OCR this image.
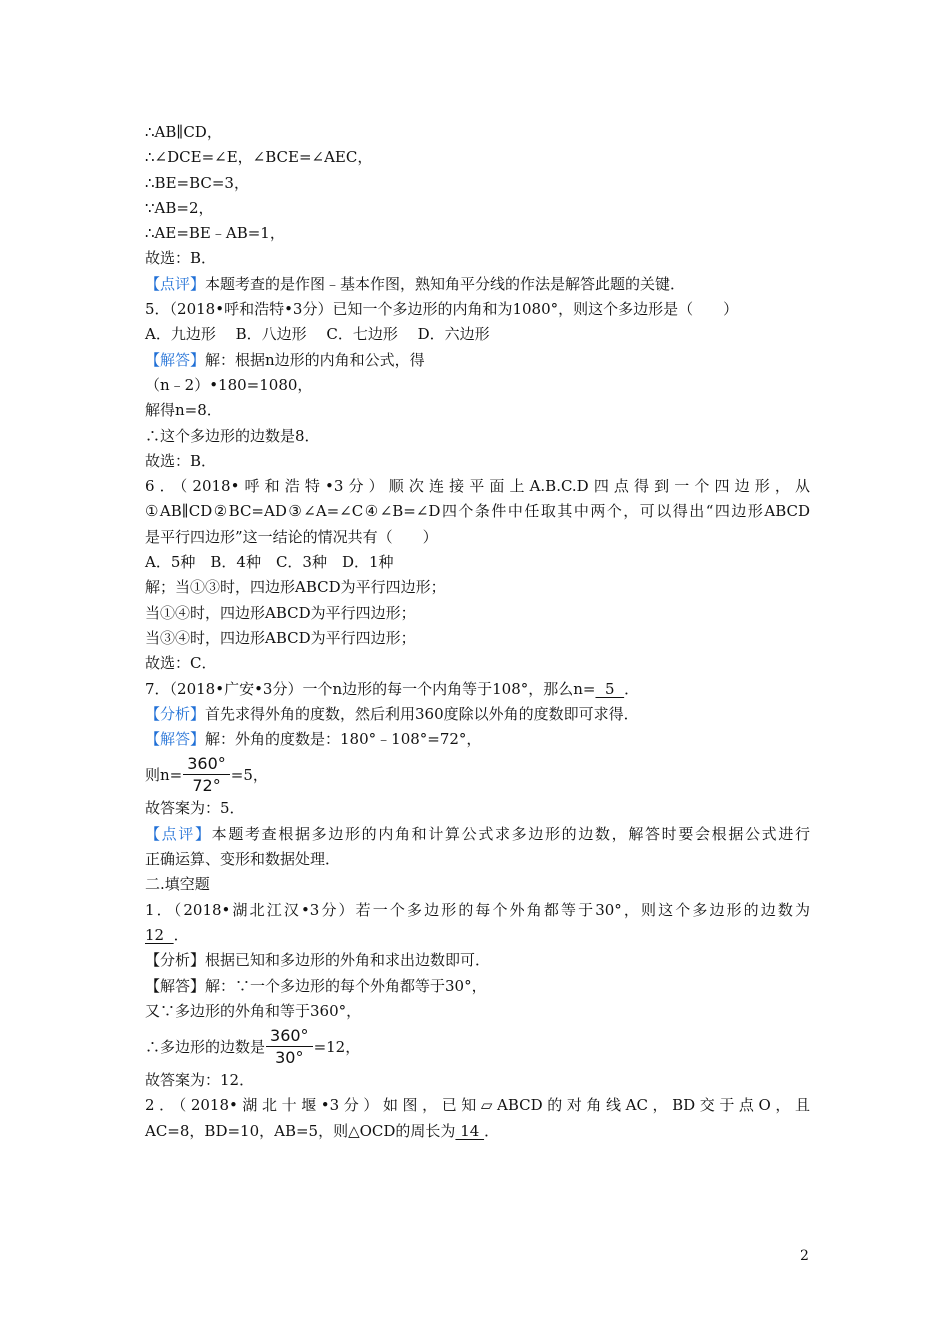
∴AB∥CD，
∴∠DCE=∠E，∠BCE=∠AEC，
∴BE=BC=3，
∵AB=2，
∴AE=BE﹣AB=1，
故选：B．
【点评】本题考查的是作图﹣基本作图，熟知角平分线的作法是解答此题的关键．
5．（2018•呼和浩特•3分）已知一个多边形的内角和为1080°，则这个多边形是（　　）
A．九边形　 B．八边形　 C．七边形　 D．六边形
【解答】解：根据n边形的内角和公式，得
（n﹣2）•180=1080，
解得n=8．
∴这个多边形的边数是8．
故选：B．
6．（2018•呼和浩特•3分）顺次连接平面上A.B.C.D四点得到一个四边形，从
①AB∥CD②BC=AD③∠A=∠C④∠B=∠D四个条件中任取其中两个，可以得出“四边形ABCD
是平行四边形”这一结论的情况共有（　　）
A．5种　B．4种　C．3种　D．1种
解；当①③时，四边形ABCD为平行四边形；
当①④时，四边形ABCD为平行四边形；
当③④时，四边形ABCD为平行四边形；
故选：C．
7．（2018•广安•3分）一个n边形的每一个内角等于108°，那么n=  5  ．
【分析】首先求得外角的度数，然后利用360度除以外角的度数即可求得．
【解答】解：外角的度数是：180°﹣108°=72°，
则$n= \frac{360^\circ}{72^\circ} =5$，
故答案为：5．
【点评】本题考查根据多边形的内角和计算公式求多边形的边数，解答时要会根据公式进行
正确运算、变形和数据处理．
二.填空题
1．（2018•湖北江汉•3分）若一个多边形的每个外角都等于30°，则这个多边形的边数为
12  ．
【分析】根据已知和多边形的外角和求出边数即可．
【解答】解：∵一个多边形的每个外角都等于30°，
又∵多边形的外角和等于360°，
∴多边形的边数是 $\frac{360^\circ}{30^\circ} =12$，
故答案为：12．
2．（2018•湖北十堰•3分）如图，已知▱ABCD的对角线AC，BD交于点O，且
AC=8，BD=10，AB=5，则△OCD的周长为 14 ．
2
